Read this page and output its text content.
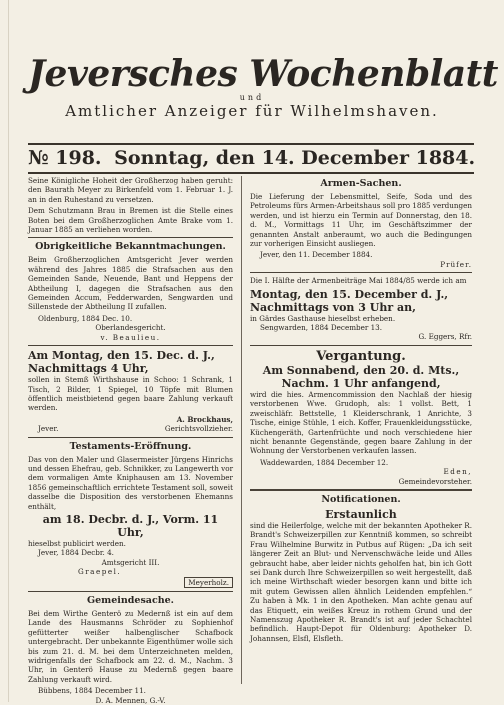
Jeversches Wochenblatt
und
Amtlicher Anzeiger für Wilhelmshaven.
№ 198. Sonntag, den 14. December 1884.

Seine Königliche Hoheit der Großherzog haben geruht: den Baurath Meyer zu Birkenfeld vom 1. Februar 1. J. an in den Ruhestand zu versetzen.

Dem Schutzmann Brau in Bremen ist die Stelle eines Boten bei dem Großherzoglichen Amte Brake vom 1. Januar 1885 an verliehen worden.

Obrigkeitliche Bekanntmachungen.

Beim Großherzoglichen Amtsgericht Jever werden während des Jahres 1885 die Strafsachen aus den Gemeinden Sande, Neuende, Bant und Heppens der Abtheilung I, dagegen die Strafsachen aus den Gemeinden Accum, Fedderwarden, Sengwarden und Sillenstede der Abtheilung II zufallen.

Oldenburg, 1884 Dec. 10.
Oberlandesgericht.
v. Beaulieu.
Am Montag, den 15. Dec. d. J., Nachmittags 4 Uhr,

sollen in Stemß Wirthshause in Schoo: 1 Schrank, 1 Tisch, 2 Bilder, 1 Spiegel, 10 Töpfe mit Blumen öffentlich meistbietend gegen baare Zahlung verkauft werden.

A. Brockhaus,
Jever.	Gerichtsvollzieher.
Testaments-Eröffnung.

Das von den Maler und Glasermeister Jürgens Hinrichs und dessen Ehefrau, geb. Schnikker, zu Langewerth vor dem vormaligen Amte Kniphausen am 13. November 1856 gemeinschaftlich errichtete Testament soll, soweit dasselbe die Disposition des verstorbenen Ehemanns enthält,

am 18. Decbr. d. J., Vorm. 11 Uhr,
hieselbst publicirt werden.
Jever, 1884 Decbr. 4.
Amtsgericht III.
Graepel.
Meyerholz.
Gemeindesache.

Bei dem Wirthe Genterö zu Medernß ist ein auf dem Lande des Hausmanns Schröder zu Sophienhof gefütterter weißer halbenglischer Schafbock untergebracht. Der unbekannte Eigenthümer wolle sich bis zum 21. d. M. bei dem Unterzeichneten melden, widrigenfalls der Schafbock am 22. d. M., Nachm. 3 Uhr, in Genterö Hause zu Medernß gegen baare Zahlung verkauft wird.

Bübbens, 1884 December 11.
D. A. Mennen, G.-V.
Armen-Sachen.

Die Lieferung der Lebensmittel, Seife, Soda und des Petroleums fürs Armen-Arbeitshaus soll pro 1885 verdungen werden, und ist hierzu ein Termin auf Donnerstag, den 18. d. M., Vormittags 11 Uhr, im Geschäftszimmer der genannten Anstalt anberaumt, wo auch die Bedingungen zur vorherigen Einsicht ausliegen.

Jever, den 11. December 1884.
Prüfer.

Die I. Hälfte der Armenbeiträge Mai 1884/85 werde ich am

Montag, den 15. December d. J., Nachmittags von 3 Uhr an,
in Gärdes Gasthause hieselbst erheben.
Sengwarden, 1884 December 13.
G. Eggers, Rfr.
Vergantung.
Am Sonnabend, den 20. d. Mts., Nachm. 1 Uhr anfangend,

wird die hies. Armencommission den Nachlaß der hiesig verstorbenen Wwe. Grudoph, als: 1 vollst. Bett, 1 zweischläfr. Bettstelle, 1 Kleiderschrank, 1 Anrichte, 3 Tische, einige Stühle, 1 eich. Koffer, Frauenkleidungsstücke, Küchengeräth, Gartenfrüchte und noch verschiedene hier nicht benannte Gegenstände, gegen baare Zahlung in der Wohnung der Verstorbenen verkaufen lassen.

Waddewarden, 1884 December 12.
Eden,
Gemeindevorsteher.
Notificationen.
Erstaunlich

sind die Heilerfolge, welche mit der bekannten Apotheker R. Brandt's Schweizerpillen zur Kenntniß kommen, so schreibt Frau Wilhelmine Burwitz in Putbus auf Rügen: „Da ich seit längerer Zeit an Blut- und Nervenschwäche leide und Alles gebraucht habe, aber leider nichts geholfen hat, bin ich Gott sei Dank durch Ihre Schweizerpillen so weit hergestellt, daß ich meine Wirthschaft wieder besorgen kann und bitte ich mit gutem Gewissen allen ähnlich Leidenden empfehlen.“ Zu haben à Mk. 1 in den Apotheken. Man achte genau auf das Etiquett, ein weißes Kreuz in rothem Grund und der Namenszug Apotheker R. Brandt's ist auf jeder Schachtel befindlich. Haupt-Depot für Oldenburg: Apotheker D. Johannsen, Elsfl, Elsfleth.
